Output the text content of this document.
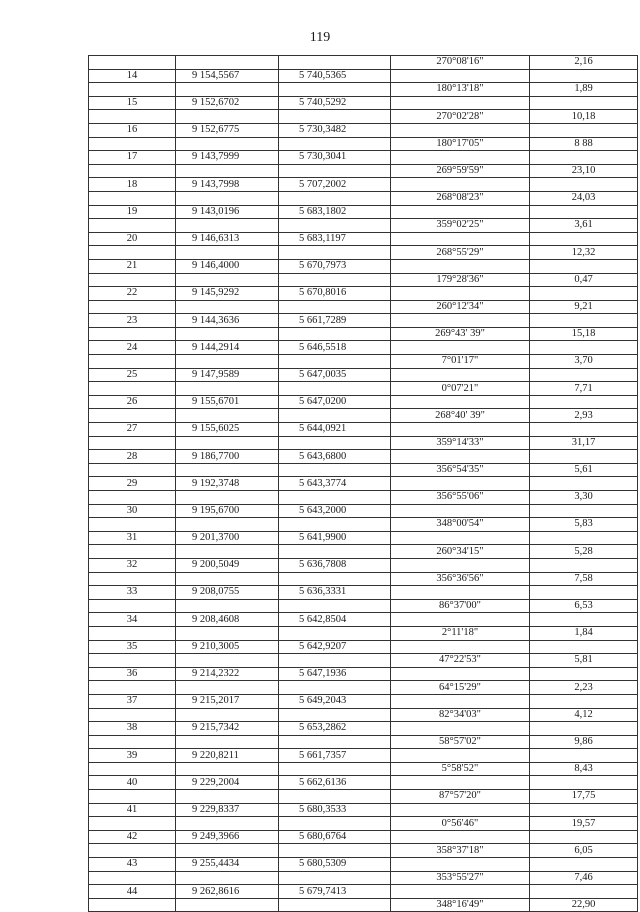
119
			270°08'16"	2,16
14	9 154,5567	5 740,5365		
			180°13'18"	1,89
15	9 152,6702	5 740,5292		
			270°02'28"	10,18
16	9 152,6775	5 730,3482		
			180°17'05"	8 88
17	9 143,7999	5 730,3041		
			269°59'59"	23,10
18	9 143,7998	5 707,2002		
			268°08'23"	24,03
19	9 143,0196	5 683,1802		
			359°02'25"	3,61
20	9 146,6313	5 683,1197		
			268°55'29"	12,32
21	9 146,4000	5 670,7973		
			179°28'36"	0,47
22	9 145,9292	5 670,8016		
			260°12'34"	9,21
23	9 144,3636	5 661,7289		
			269°43' 39"	15,18
24	9 144,2914	5 646,5518		
			7°01'17"	3,70
25	9 147,9589	5 647,0035		
			0°07'21"	7,71
26	9 155,6701	5 647,0200		
			268°40' 39"	2,93
27	9 155,6025	5 644,0921		
			359°14'33"	31,17
28	9 186,7700	5 643,6800		
			356°54'35"	5,61
29	9 192,3748	5 643,3774		
			356°55'06"	3,30
30	9 195,6700	5 643,2000		
			348°00'54"	5,83
31	9 201,3700	5 641,9900		
			260°34'15"	5,28
32	9 200,5049	5 636,7808		
			356°36'56"	7,58
33	9 208,0755	5 636,3331		
			86°37'00"	6,53
34	9 208,4608	5 642,8504		
			2°11'18"	1,84
35	9 210,3005	5 642,9207		
			47°22'53"	5,81
36	9 214,2322	5 647,1936		
			64°15'29"	2,23
37	9 215,2017	5 649,2043		
			82°34'03"	4,12
38	9 215,7342	5 653,2862		
			58°57'02"	9,86
39	9 220,8211	5 661,7357		
			5°58'52"	8,43
40	9 229,2004	5 662,6136		
			87°57'20"	17,75
41	9 229,8337	5 680,3533		
			0°56'46"	19,57
42	9 249,3966	5 680,6764		
			358°37'18"	6,05
43	9 255,4434	5 680,5309		
			353°55'27"	7,46
44	9 262,8616	5 679,7413		
			348°16'49"	22,90
